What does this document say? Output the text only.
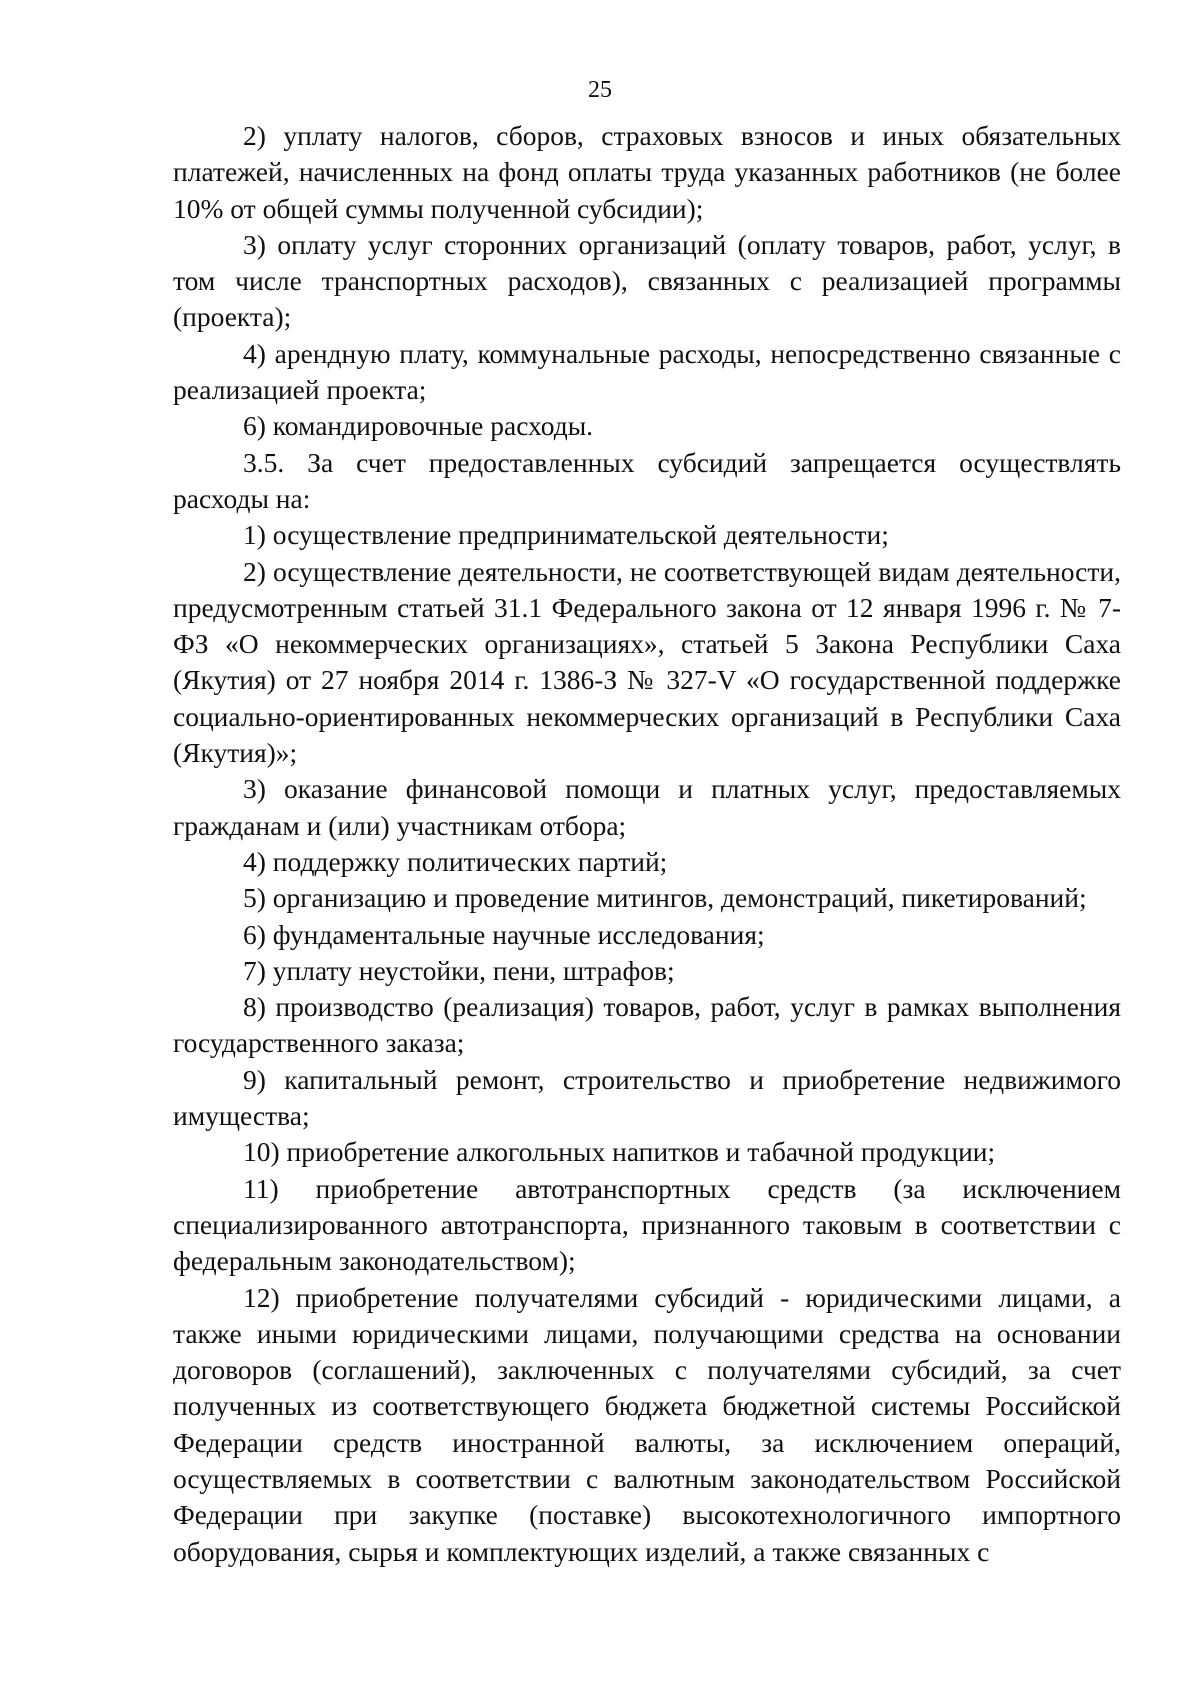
25

2) уплату налогов, сборов, страховых взносов и иных обязательных платежей, начисленных на фонд оплаты труда указанных работников (не более 10% от общей суммы полученной субсидии);

3) оплату услуг сторонних организаций (оплату товаров, работ, услуг, в том числе транспортных расходов), связанных с реализацией программы (проекта);

4) арендную плату, коммунальные расходы, непосредственно связанные с реализацией проекта;

6) командировочные расходы.

3.5. За счет предоставленных субсидий запрещается осуществлять расходы на:

1) осуществление предпринимательской деятельности;

2) осуществление деятельности, не соответствующей видам деятельности, предусмотренным статьей 31.1 Федерального закона от 12 января 1996 г. № 7-ФЗ «О некоммерческих организациях», статьей 5 Закона Республики Саха (Якутия) от 27 ноября 2014 г. 1386-З № 327-V «О государственной поддержке социально-ориентированных некоммерческих организаций в Республики Саха (Якутия)»;

3) оказание финансовой помощи и платных услуг, предоставляемых гражданам и (или) участникам отбора;

4) поддержку политических партий;

5) организацию и проведение митингов, демонстраций, пикетирований;

6) фундаментальные научные исследования;

7) уплату неустойки, пени, штрафов;

8) производство (реализация) товаров, работ, услуг в рамках выполнения государственного заказа;

9) капитальный ремонт, строительство и приобретение недвижимого имущества;

10) приобретение алкогольных напитков и табачной продукции;

11) приобретение автотранспортных средств (за исключением специализированного автотранспорта, признанного таковым в соответствии с федеральным законодательством);

12) приобретение получателями субсидий - юридическими лицами, а также иными юридическими лицами, получающими средства на основании договоров (соглашений), заключенных с получателями субсидий, за счет полученных из соответствующего бюджета бюджетной системы Российской Федерации средств иностранной валюты, за исключением операций, осуществляемых в соответствии с валютным законодательством Российской Федерации при закупке (поставке) высокотехнологичного импортного оборудования, сырья и комплектующих изделий, а также связанных с
